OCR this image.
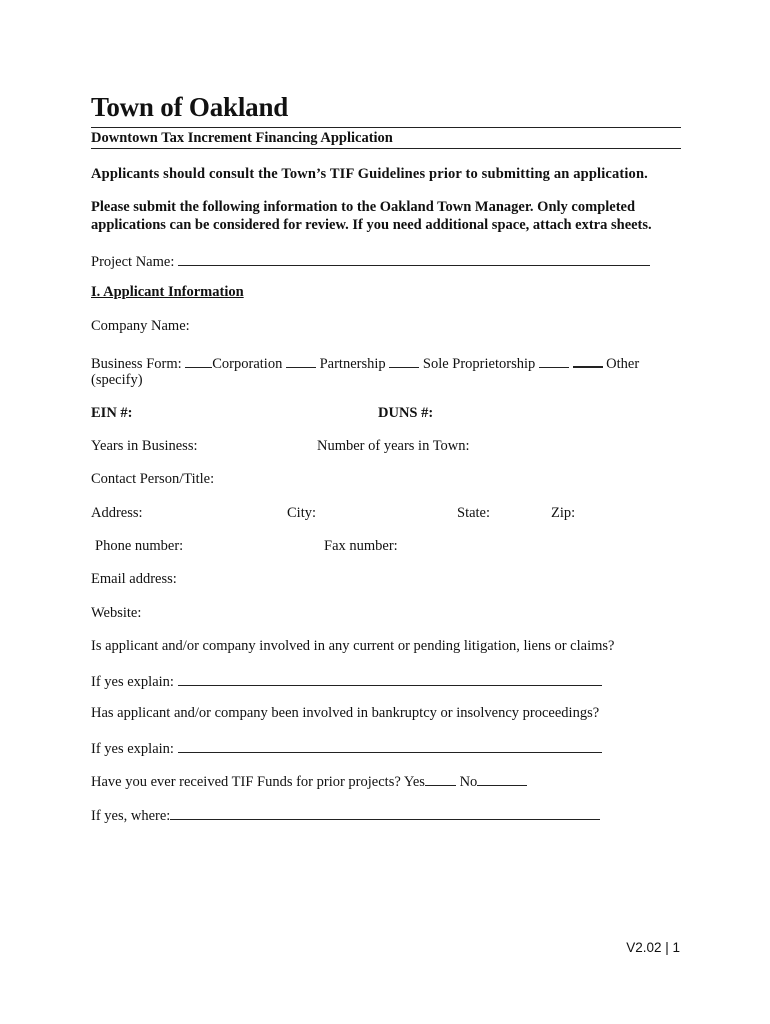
Town of Oakland
Downtown Tax Increment Financing Application
Applicants should consult the Town’s TIF Guidelines prior to submitting an application.
Please submit the following information to the Oakland Town Manager. Only completed
applications can be considered for review. If you need additional space, attach extra sheets.
Project Name:
I. Applicant Information
Company Name:
Business Form: Corporation  Partnership  Sole Proprietorship	Other
(specify)
EIN #:	DUNS #:
Years in Business:	Number of years in Town:
Contact Person/Title:
Address:	City:	State:	Zip:
Phone number:	Fax number:
Email address:
Website:
Is applicant and/or company involved in any current or pending litigation, liens or claims?
If yes explain:
Has applicant and/or company been involved in bankruptcy or insolvency proceedings?
If yes explain:
Have you ever received TIF Funds for prior projects? Yes No
If yes, where:
V2.02 | 1
